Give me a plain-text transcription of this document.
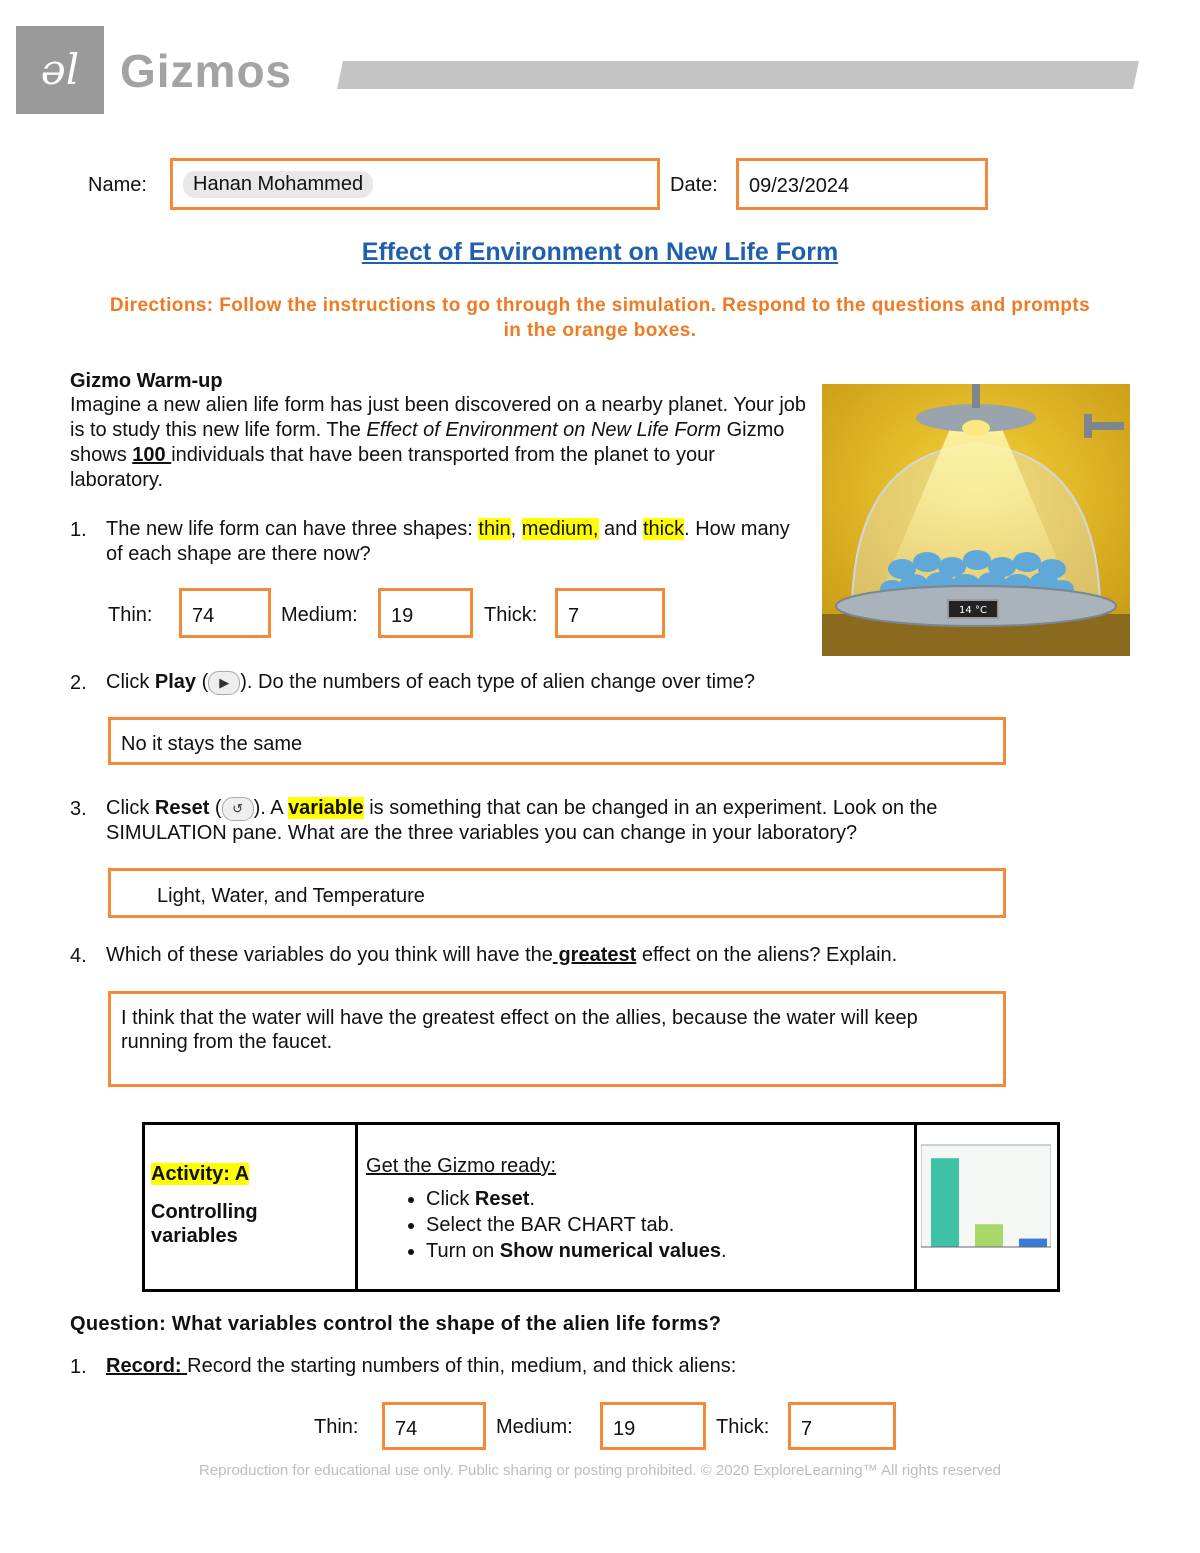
ǝl Gizmos
Name:	Hanan Mohammed	Date:	09/23/2024
Effect of Environment on New Life Form
Directions: Follow the instructions to go through the simulation. Respond to the questions and prompts in the orange boxes.
Gizmo Warm-up
Imagine a new alien life form has just been discovered on a nearby planet. Your job is to study this new life form. The Effect of Environment on New Life Form Gizmo shows 100 individuals that have been transported from the planet to your laboratory.
14 °C
1. The new life form can have three shapes: thin, medium, and thick. How many of each shape are there now?
Thin:	74	Medium:	19	Thick:	7
2. Click Play ( ▶ ). Do the numbers of each type of alien change over time?
No it stays the same
3. Click Reset ( ↺ ). A variable is something that can be changed in an experiment. Look on the SIMULATION pane. What are the three variables you can change in your laboratory?
Light, Water, and Temperature
4. Which of these variables do you think will have the greatest effect on the aliens? Explain.
I think that the water will have the greatest effect on the allies, because the water will keep running from the faucet.
Activity: A
Controlling variables

Get the Gizmo ready:
• Click Reset.
• Select the BAR CHART tab.
• Turn on Show numerical values.

Question: What variables control the shape of the alien life forms?
1. Record: Record the starting numbers of thin, medium, and thick aliens:
Thin:	74	Medium:	19	Thick:	7
Reproduction for educational use only. Public sharing or posting prohibited. © 2020 ExploreLearning™ All rights reserved
